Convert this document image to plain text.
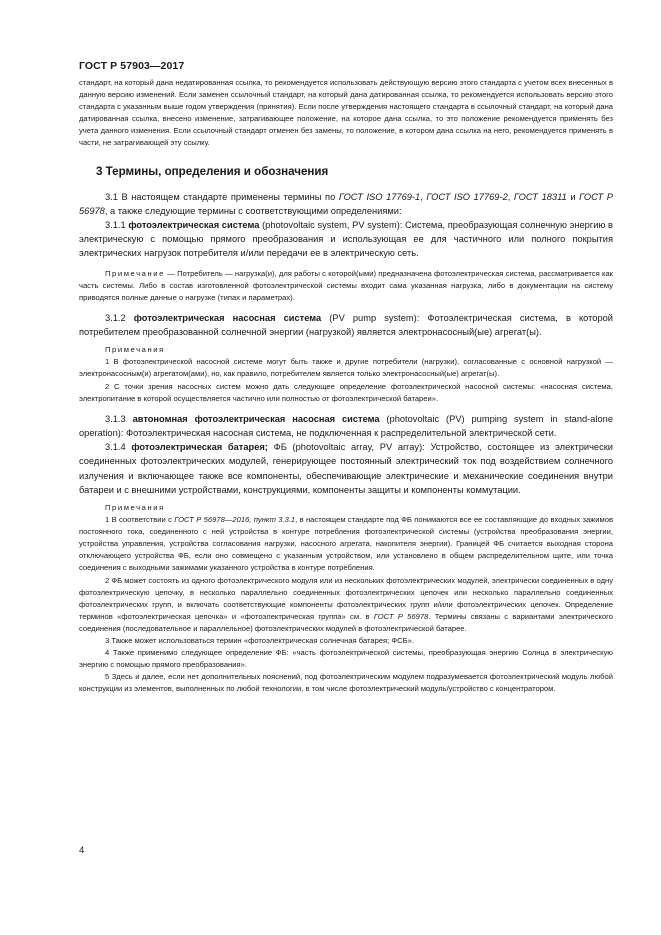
ГОСТ Р 57903—2017

стандарт, на который дана недатированная ссылка, то рекомендуется использовать действующую версию этого стандарта с учетом всех внесенных в данную версию изменений. Если заменен ссылочный стандарт, на который дана датированная ссылка, то рекомендуется использовать версию этого стандарта с указанным выше годом утверждения (принятия). Если после утверждения настоящего стандарта в ссылочный стандарт, на который дана датированная ссылка, внесено изменение, затрагивающее положение, на которое дана ссылка, то это положение рекомендуется применять без учета данного изменения. Если ссылочный стандарт отменен без замены, то положение, в котором дана ссылка на него, рекомендуется применять в части, не затрагивающей эту ссылку.

3 Термины, определения и обозначения

3.1 В настоящем стандарте применены термины по ГОСТ ISO 17769-1, ГОСТ ISO 17769-2, ГОСТ 18311 и ГОСТ Р 56978, а также следующие термины с соответствующими определениями:

3.1.1 фотоэлектрическая система (photovoltaic system, PV system): Система, преобразующая солнечную энергию в электрическую с помощью прямого преобразования и использующая ее для частичного или полного покрытия электрических нагрузок потребителя и/или передачи ее в электрическую сеть.

Примечание — Потребитель — нагрузка(и), для работы с которой(ыми) предназначена фотоэлектрическая система, рассматривается как часть системы. Либо в состав изготовленной фотоэлектрической системы входит сама указанная нагрузка, либо в документации на систему приводятся полные данные о нагрузке (типах и параметрах).

3.1.2 фотоэлектрическая насосная система (PV pump system): Фотоэлектрическая система, в которой потребителем преобразованной солнечной энергии (нагрузкой) является электронасосный(ые) агрегат(ы).

Примечания

1 В фотоэлектрической насосной системе могут быть также и другие потребители (нагрузки), согласованные с основной нагрузкой — электронасосным(и) агрегатом(ами), но, как правило, потребителем является только электронасосный(ые) агрегат(ы).

2 С точки зрения насосных систем можно дать следующее определение фотоэлектрической насосной системы: «насосная система, электропитание в которой осуществляется частично или полностью от фотоэлектрической батареи».

3.1.3 автономная фотоэлектрическая насосная система (photovoltaic (PV) pumping system in stand-alone operation): Фотоэлектрическая насосная система, не подключенная к распределительной электрической сети.

3.1.4 фотоэлектрическая батарея; ФБ (photovoltaic array, PV array): Устройство, состоящее из электрически соединенных фотоэлектрических модулей, генерирующее постоянный электрический ток под воздействием солнечного излучения и включающее также все компоненты, обеспечивающие электрические и механические соединения внутри батареи и с внешними устройствами, конструкциями, компоненты защиты и компоненты коммутации.

Примечания

1 В соответствии с ГОСТ Р 56978—2016, пункт 3.3.1, в настоящем стандарте под ФБ понимаются все ее составляющие до входных зажимов постоянного тока, соединенного с ней устройства в контуре потребления фотоэлектрической системы (устройства преобразования энергии, устройства управления, устройства согласования нагрузки, насосного агрегата, накопителя энергии). Границей ФБ считается выходная сторона отключающего устройства ФБ, если оно совмещено с указанным устройством, или установлено в общем распределительном щите, или точка соединения с выходными зажимами указанного устройства в контуре потребления.

2 ФБ может состоять из одного фотоэлектрического модуля или из нескольких фотоэлектрических модулей, электрически соединенных в одну фотоэлектрическую цепочку, в несколько параллельно соединенных фотоэлектрических цепочек или несколько параллельно соединенных фотоэлектрических групп, и включать соответствующие компоненты фотоэлектрических групп и/или фотоэлектрических цепочек. Определение терминов «фотоэлектрическая цепочка» и «фотоэлектрическая группа» см. в ГОСТ Р 56978. Термины связаны с вариантами электрического соединения (последовательное и параллельное) фотоэлектрических модулей в фотоэлектрической батарее.

3 Также может использоваться термин «фотоэлектрическая солнечная батарея; ФСБ».

4 Также применимо следующее определение ФБ: «часть фотоэлектрической системы, преобразующая энергию Солнца в электрическую энергию с помощью прямого преобразования».

5 Здесь и далее, если нет дополнительных пояснений, под фотоэлектрическим модулем подразумевается фотоэлектрический модуль любой конструкции из элементов, выполненных по любой технологии, в том числе фотоэлектрический модуль/устройство с концентратором.

4
